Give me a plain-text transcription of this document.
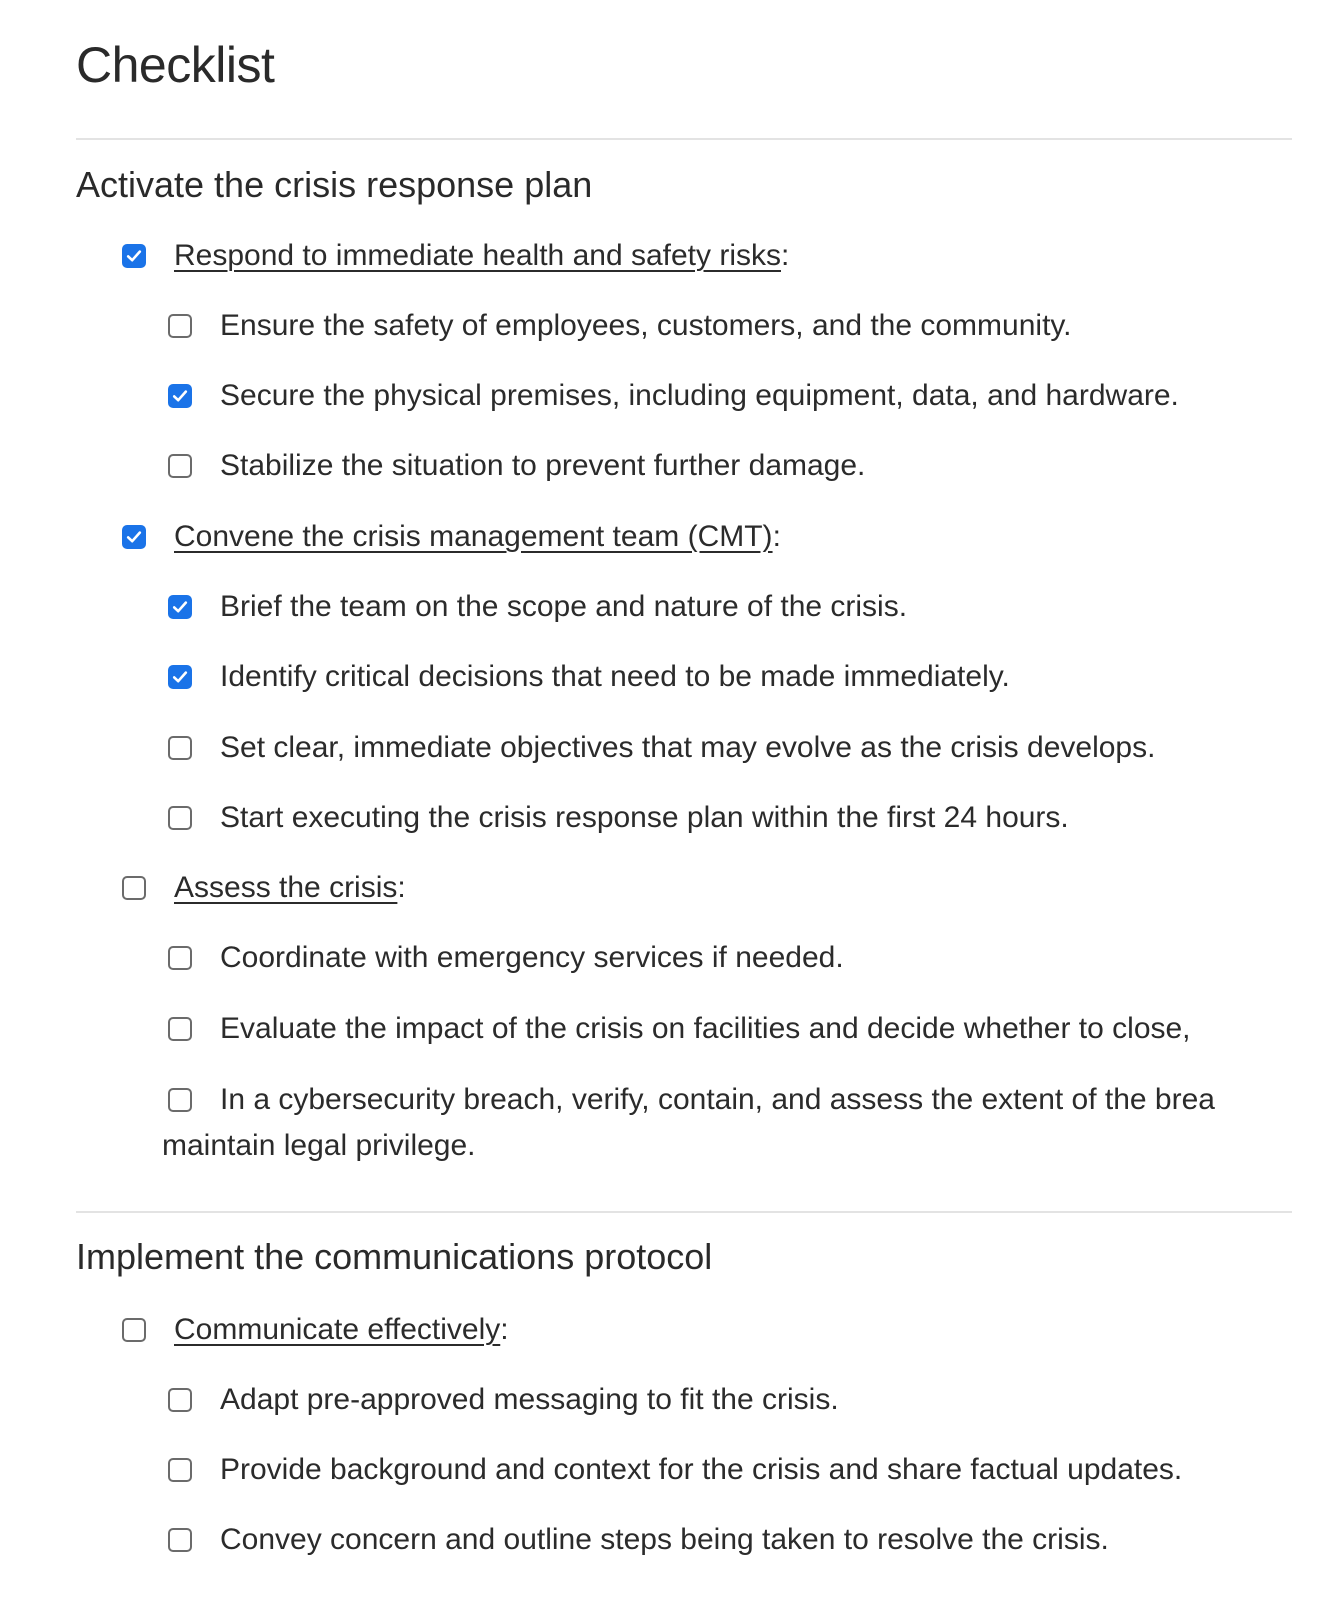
Checklist
Activate the crisis response plan
Respond to immediate health and safety risks :
Ensure the safety of employees, customers, and the community.
Secure the physical premises, including equipment, data, and hardware.
Stabilize the situation to prevent further damage.
Convene the crisis management team (CMT) :
Brief the team on the scope and nature of the crisis.
Identify critical decisions that need to be made immediately.
Set clear, immediate objectives that may evolve as the crisis develops.
Start executing the crisis response plan within the first 24 hours.
Assess the crisis :
Coordinate with emergency services if needed.
Evaluate the impact of the crisis on facilities and decide whether to close,
In a cybersecurity breach, verify, contain, and assess the extent of the brea
maintain legal privilege.
Implement the communications protocol
Communicate effectively :
Adapt pre-approved messaging to fit the crisis.
Provide background and context for the crisis and share factual updates.
Convey concern and outline steps being taken to resolve the crisis.
